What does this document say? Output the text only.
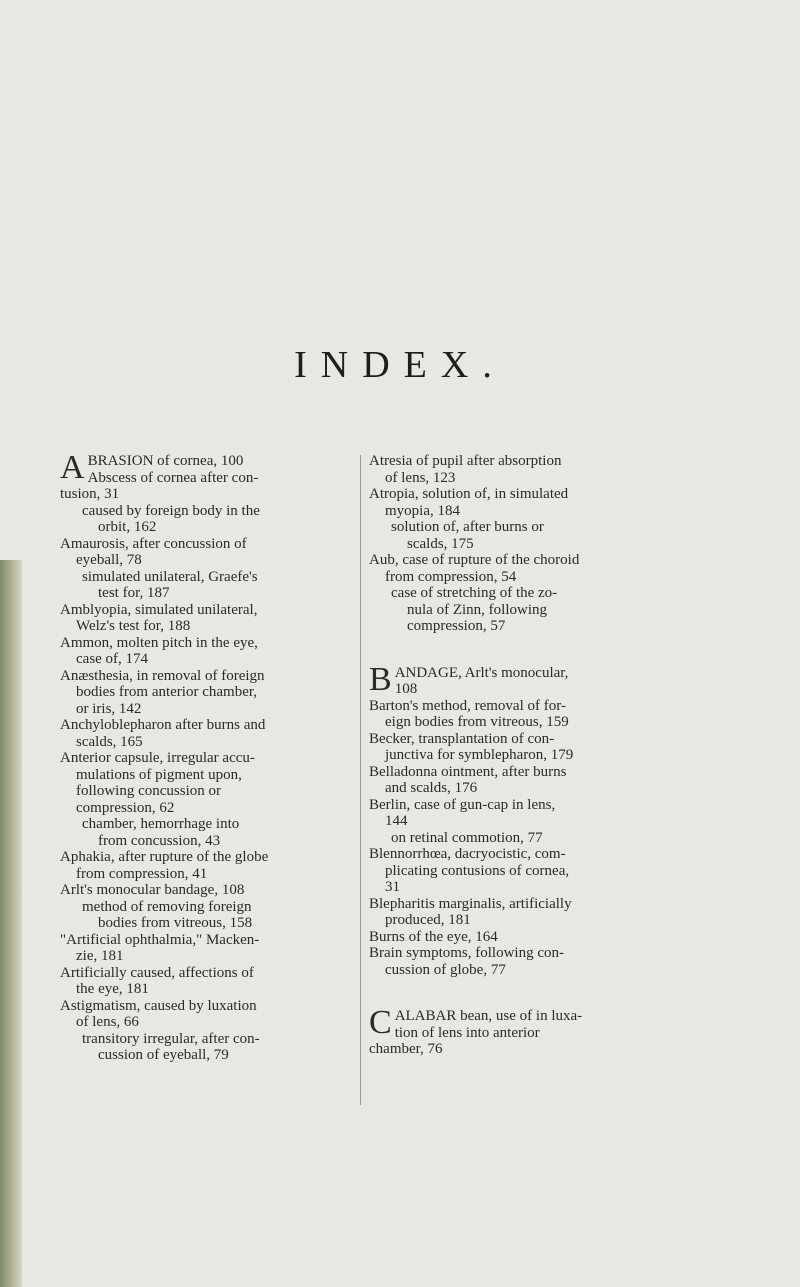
INDEX.
A BRASION of cornea, 100
Abscess of cornea after con-
tusion, 31
caused by foreign body in the
orbit, 162
Amaurosis, after concussion of
eyeball, 78
simulated unilateral, Graefe's
test for, 187
Amblyopia, simulated unilateral,
Welz's test for, 188
Ammon, molten pitch in the eye,
case of, 174
Anæsthesia, in removal of foreign
bodies from anterior chamber,
or iris, 142
Anchyloblepharon after burns and
scalds, 165
Anterior capsule, irregular accu-
mulations of pigment upon,
following concussion or
compression, 62
chamber, hemorrhage into
from concussion, 43
Aphakia, after rupture of the globe
from compression, 41
Arlt's monocular bandage, 108
method of removing foreign
bodies from vitreous, 158
"Artificial ophthalmia," Macken-
zie, 181
Artificially caused, affections of
the eye, 181
Astigmatism, caused by luxation
of lens, 66
transitory irregular, after con-
cussion of eyeball, 79
Atresia of pupil after absorption
of lens, 123
Atropia, solution of, in simulated
myopia, 184
solution of, after burns or
scalds, 175
Aub, case of rupture of the choroid
from compression, 54
case of stretching of the zo-
nula of Zinn, following
compression, 57
B ANDAGE, Arlt's monocular,
108
Barton's method, removal of for-
eign bodies from vitreous, 159
Becker, transplantation of con-
junctiva for symblepharon, 179
Belladonna ointment, after burns
and scalds, 176
Berlin, case of gun-cap in lens,
144
on retinal commotion, 77
Blennorrhœa, dacryocistic, com-
plicating contusions of cornea,
31
Blepharitis marginalis, artificially
produced, 181
Burns of the eye, 164
Brain symptoms, following con-
cussion of globe, 77
C ALABAR bean, use of in luxa-
tion of lens into anterior
chamber, 76
